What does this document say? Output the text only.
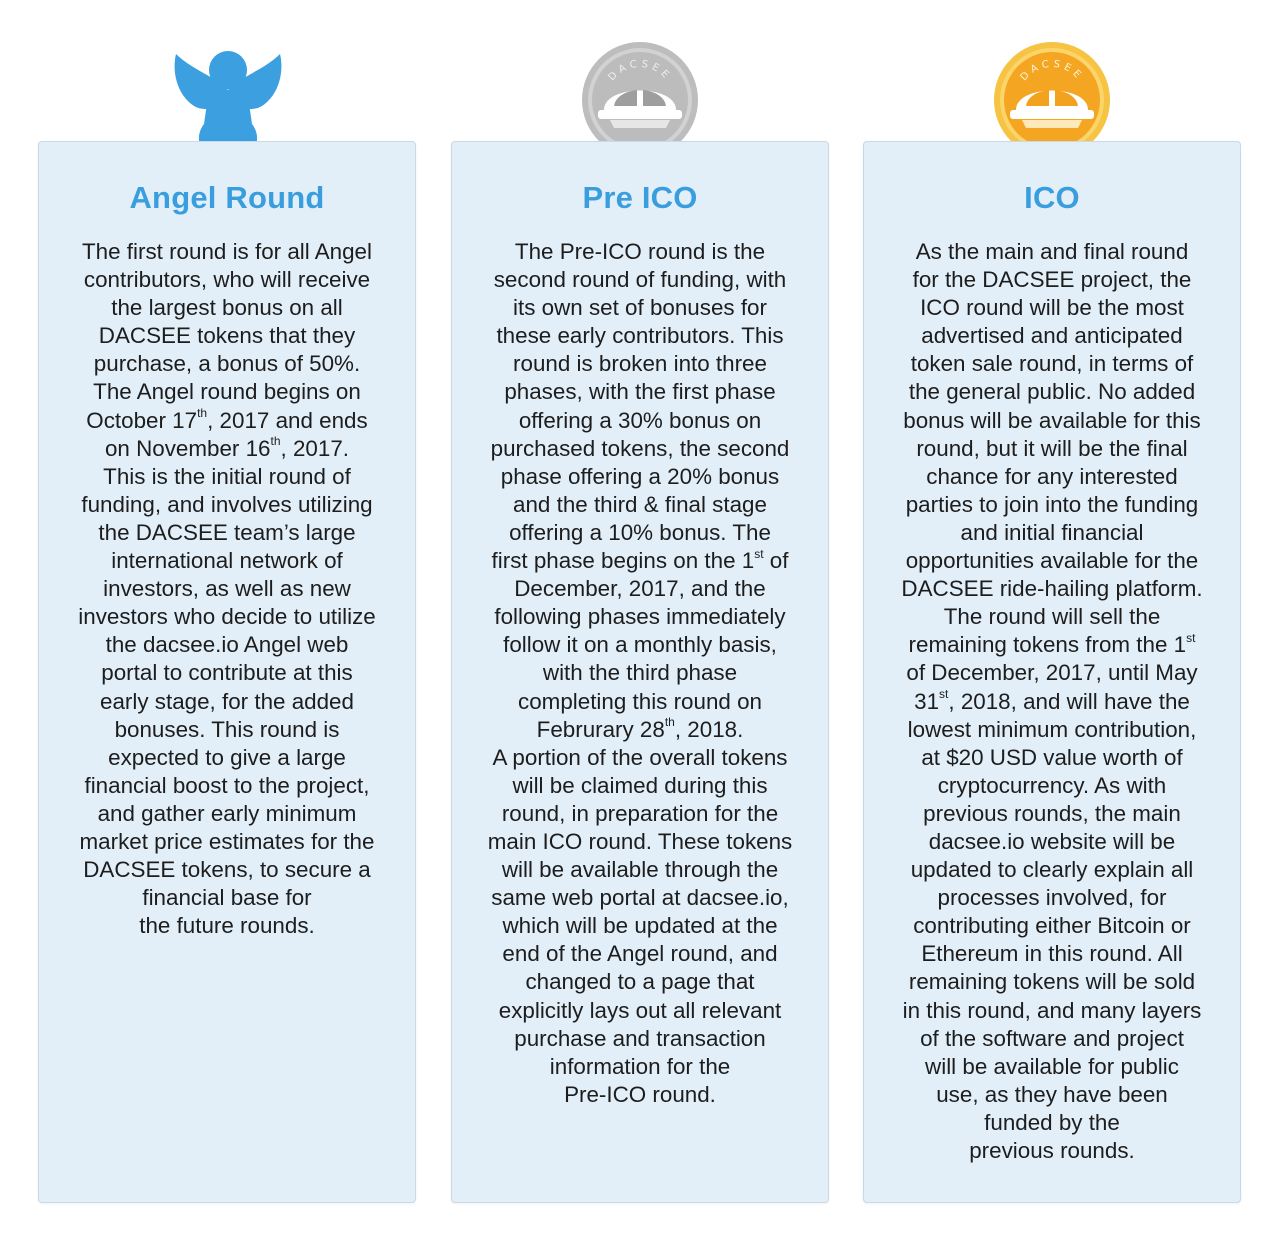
DACSEE	DACSEE
Angel Round

The first round is for all Angel

contributors, who will receive

the largest bonus on all

DACSEE tokens that they

purchase, a bonus of 50%.

The Angel round begins on

October 17th, 2017 and ends

on November 16th, 2017.

This is the initial round of

funding, and involves utilizing

the DACSEE team’s large

international network of

investors, as well as new

investors who decide to utilize

the dacsee.io Angel web

portal to contribute at this

early stage, for the added

bonuses. This round is

expected to give a large

financial boost to the project,

and gather early minimum

market price estimates for the

DACSEE tokens, to secure a

financial base for

the future rounds.

Pre ICO

The Pre-ICO round is the

second round of funding, with

its own set of bonuses for

these early contributors. This

round is broken into three

phases, with the first phase

offering a 30% bonus on

purchased tokens, the second

phase offering a 20% bonus

and the third & final stage

offering a 10% bonus. The

first phase begins on the 1st of

December, 2017, and the

following phases immediately

follow it on a monthly basis,

with the third phase

completing this round on

Februrary 28th, 2018.

A portion of the overall tokens

will be claimed during this

round, in preparation for the

main ICO round. These tokens

will be available through the

same web portal at dacsee.io,

which will be updated at the

end of the Angel round, and

changed to a page that

explicitly lays out all relevant

purchase and transaction

information for the

Pre-ICO round.

ICO

As the main and final round

for the DACSEE project, the

ICO round will be the most

advertised and anticipated

token sale round, in terms of

the general public. No added

bonus will be available for this

round, but it will be the final

chance for any interested

parties to join into the funding

and initial financial

opportunities available for the

DACSEE ride-hailing platform.

The round will sell the

remaining tokens from the 1st

of December, 2017, until May

31st, 2018, and will have the

lowest minimum contribution,

at $20 USD value worth of

cryptocurrency. As with

previous rounds, the main

dacsee.io website will be

updated to clearly explain all

processes involved, for

contributing either Bitcoin or

Ethereum in this round. All

remaining tokens will be sold

in this round, and many layers

of the software and project

will be available for public

use, as they have been

funded by the

previous rounds.
